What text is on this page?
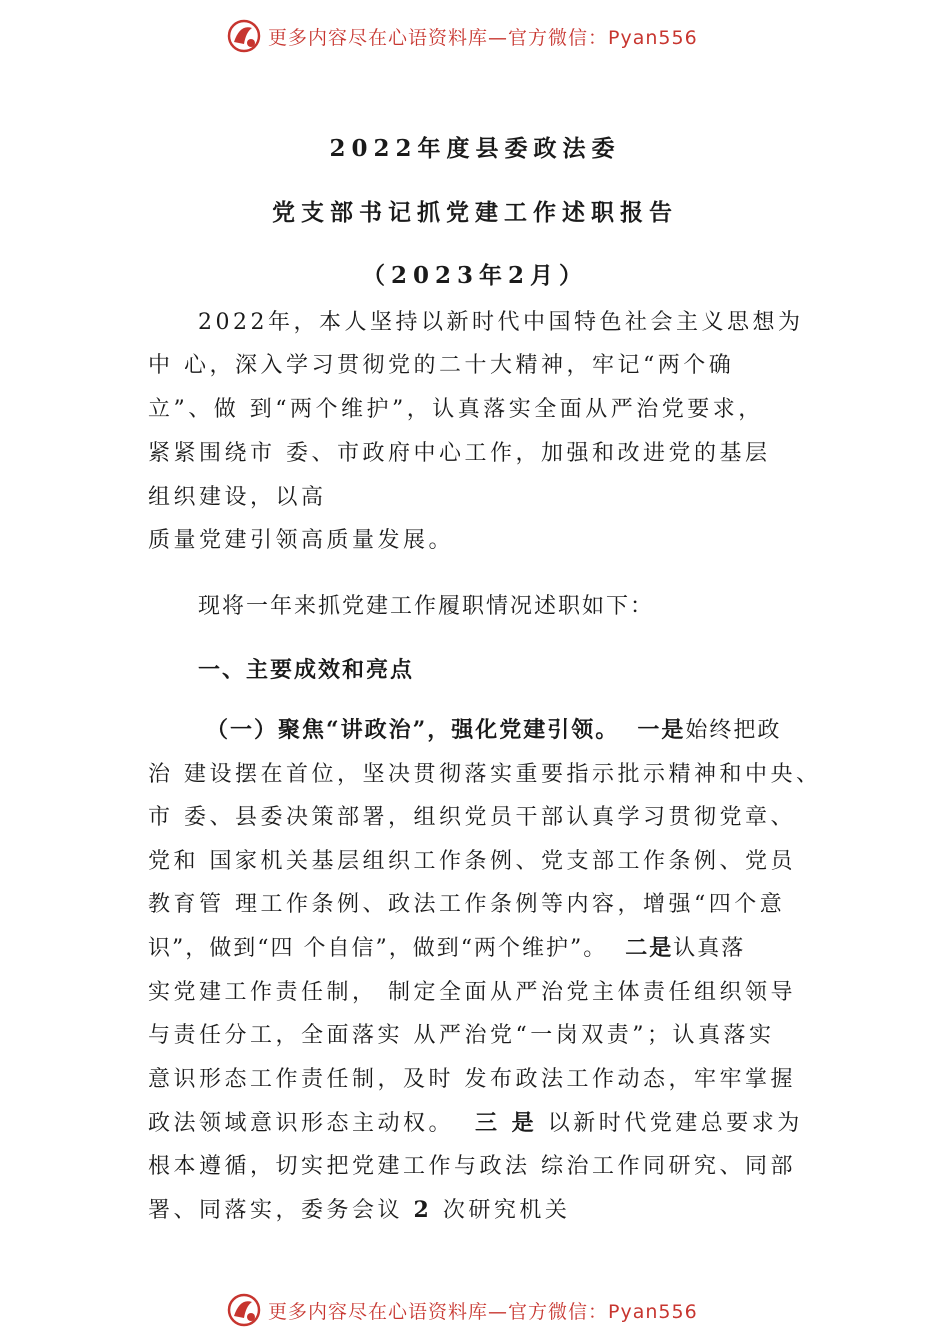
更多内容尽在心语资料库—官方微信：Pyan556
2022年度县委政法委
党支部书记抓党建工作述职报告
（2023年2月）
2022年，本人坚持以新时代中国特色社会主义思想为
中 心，深入学习贯彻党的二十大精神，牢记“两个确
立”、做 到“两个维护”，认真落实全面从严治党要求，
紧紧围绕市 委、市政府中心工作，加强和改进党的基层
组织建设，以高
质量党建引领高质量发展。
现将一年来抓党建工作履职情况述职如下：
一、主要成效和亮点
（一）聚焦“讲政治”，强化党建引领。 一是始终把政
治 建设摆在首位，坚决贯彻落实重要指示批示精神和中央、
市 委、县委决策部署，组织党员干部认真学习贯彻党章、
党和 国家机关基层组织工作条例、党支部工作条例、党员
教育管 理工作条例、政法工作条例等内容，增强“四个意
识”，做到“四 个自信”，做到“两个维护”。 二是认真落
实党建工作责任制， 制定全面从严治党主体责任组织领导
与责任分工，全面落实 从严治党“一岗双责”；认真落实
意识形态工作责任制，及时 发布政法工作动态，牢牢掌握
政法领域意识形态主动权。 三 是 以新时代党建总要求为
根本遵循，切实把党建工作与政法 综治工作同研究、同部
署、同落实，委务会议 2 次研究机关
更多内容尽在心语资料库—官方微信：Pyan556
